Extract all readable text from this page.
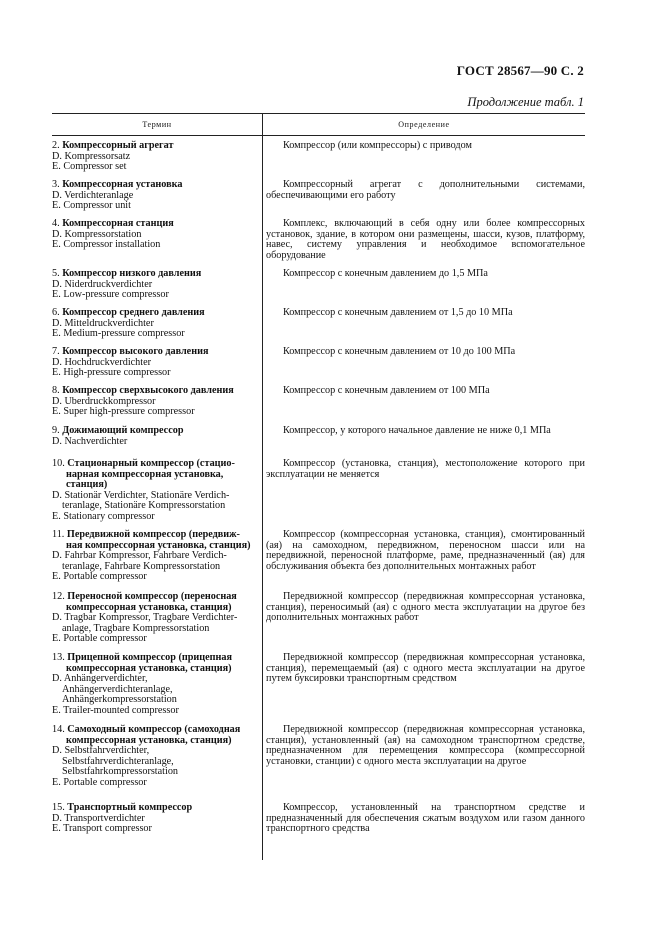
ГОСТ 28567—90 С. 2
Продолжение табл. 1
Термин	Определение
2. Компрессорный агрегат
D. Kompressorsatz
E. Compressor set
Компрессор (или компрессоры) с приводом
3. Компрессорная установка
D. Verdichteranlage
E. Compressor unit
Компрессорный агрегат с дополнительными системами, обеспечивающими его работу
4. Компрессорная станция
D. Kompressorstation
E. Compressor installation
Комплекс, включающий в себя одну или более компрессорных установок, здание, в котором они размещены, шасси, кузов, платформу, навес, систему управления и необходимое вспомогательное оборудование
5. Компрессор низкого давления
D. Niderdruckverdichter
E. Low-pressure compressor
Компрессор с конечным давлением до 1,5 МПа
6. Компрессор среднего давления
D. Mitteldruckverdichter
E. Medium-pressure compressor
Компрессор с конечным давлением от 1,5 до 10 МПа
7. Компрессор высокого давления
D. Hochdruckverdichter
E. High-pressure compressor
Компрессор с конечным давлением от 10 до 100 МПа
8. Компрессор сверхвысокого давления
D. Uberdruckkompressor
E. Super high-pressure compressor
Компрессор с конечным давлением от 100 МПа
9. Дожимающий компрессор
D. Nachverdichter
Компрессор, у которого начальное давление не ниже 0,1 МПа
10. Стационарный компрессор (стацио-
нарная компрессорная установка,
станция)
D. Stationär Verdichter, Stationäre Verdich-
teranlage, Stationäre Kompressorstation
E. Stationary compressor
Компрессор (установка, станция), местоположение которого при эксплуатации не меняется
11. Передвижной компрессор (передвиж-
ная компрессорная установка, станция)
D. Fahrbar Kompressor, Fahrbare Verdich-
teranlage, Fahrbare Kompressorstation
E. Portable compressor
Компрессор (компрессорная установка, станция), смонтированный (ая) на самоходном, передвижном, переносном шасси или на передвижной, переносной платформе, раме, предназначенный (ая) для обслуживания объекта без дополнительных монтажных работ
12. Переносной компрессор (переносная
компрессорная установка, станция)
D. Tragbar Kompressor, Tragbare Verdichter-
anlage, Tragbare Kompressorstation
E. Portable compressor
Передвижной компрессор (передвижная компрессорная установка, станция), переносимый (ая) с одного места эксплуатации на другое без дополнительных монтажных работ
13. Прицепной компрессор (прицепная
компрессорная установка, станция)
D. Anhängerverdichter,
Anhängerverdichteranlage,
Anhängerkompressorstation
E. Trailer-mounted compressor
Передвижной компрессор (передвижная компрессорная установка, станция), перемещаемый (ая) с одного места эксплуатации на другое путем буксировки транспортным средством
14. Самоходный компрессор (самоходная
компрессорная установка, станция)
D. Selbstfahrverdichter,
Selbstfahrverdichteranlage,
Selbstfahrkompressorstation
E. Portable compressor
Передвижной компрессор (передвижная компрессорная установка, станция), установленный (ая) на самоходном транспортном средстве, предназначенном для перемещения компрессора (компрессорной установки, станции) с одного места эксплуатации на другое
15. Транспортный компрессор
D. Transportverdichter
E. Transport compressor
Компрессор, установленный на транспортном средстве и предназначенный для обеспечения сжатым воздухом или газом данного транспортного средства
